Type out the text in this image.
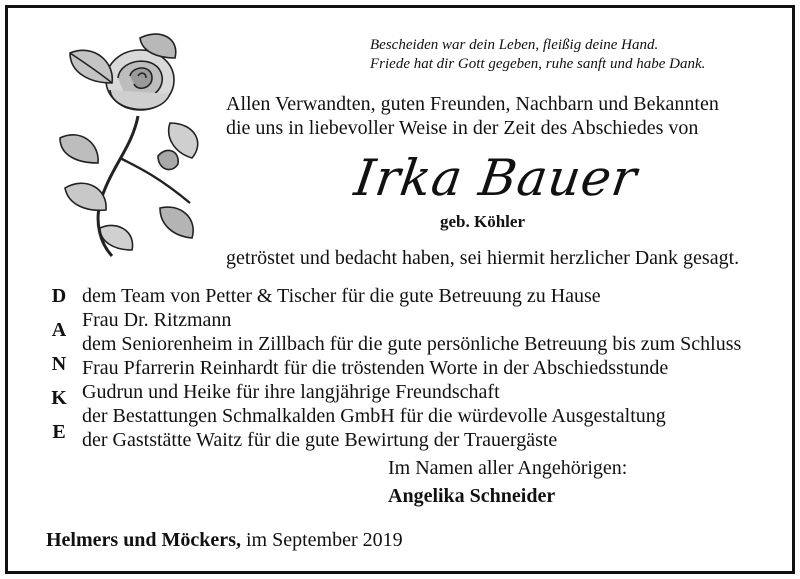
Bescheiden war dein Leben, fleißig deine Hand.
Friede hat dir Gott gegeben, ruhe sanft und habe Dank.
Allen Verwandten, guten Freunden, Nachbarn und Bekannten
die uns in liebevoller Weise in der Zeit des Abschiedes von
Irka Bauer
geb. Köhler
getröstet und bedacht haben, sei hiermit herzlicher Dank gesagt.
D
A
N
K
E
dem Team von Petter & Tischer für die gute Betreuung zu Hause
Frau Dr. Ritzmann
dem Seniorenheim in Zillbach für die gute persönliche Betreuung bis zum Schluss
Frau Pfarrerin Reinhardt für die tröstenden Worte in der Abschiedsstunde
Gudrun und Heike für ihre langjährige Freundschaft
der Bestattungen Schmalkalden GmbH für die würdevolle Ausgestaltung
der Gaststätte Waitz für die gute Bewirtung der Trauergäste
Im Namen aller Angehörigen:
Angelika Schneider
Helmers und Möckers, im September 2019
